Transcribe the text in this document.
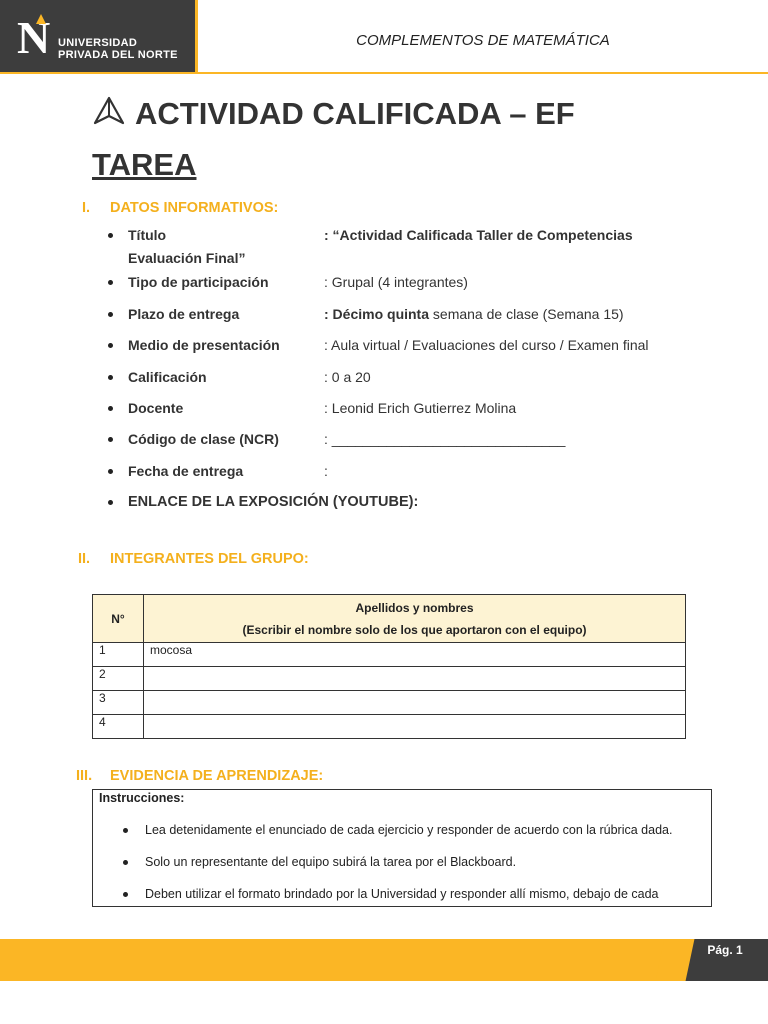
N UNIVERSIDAD
PRIVADA DEL NORTE
COMPLEMENTOS DE MATEMÁTICA
ACTIVIDAD CALIFICADA – EF
TAREA
I. DATOS INFORMATIVOS:
Título	: “Actividad Calificada Taller de Competencias
Evaluación Final”
Tipo de participación	: Grupal (4 integrantes)
Plazo de entrega	: Décimo quinta semana de clase (Semana 15)
Medio de presentación	: Aula virtual / Evaluaciones del curso / Examen final
Calificación	: 0 a 20
Docente	: Leonid Erich Gutierrez Molina
Código de clase (NCR)	: ______________________________
Fecha de entrega	:
ENLACE DE LA EXPOSICIÓN (YOUTUBE):
II. INTEGRANTES DEL GRUPO:
N°	Apellidos y nombres
(Escribir el nombre solo de los que aportaron con el equipo)

1	mocosa
2	
3	
4	
III. EVIDENCIA DE APRENDIZAJE:
Instrucciones:
Lea detenidamente el enunciado de cada ejercicio y responder de acuerdo con la rúbrica dada.
Solo un representante del equipo subirá la tarea por el Blackboard.
Deben utilizar el formato brindado por la Universidad y responder allí mismo, debajo de cada
Pág. 1
